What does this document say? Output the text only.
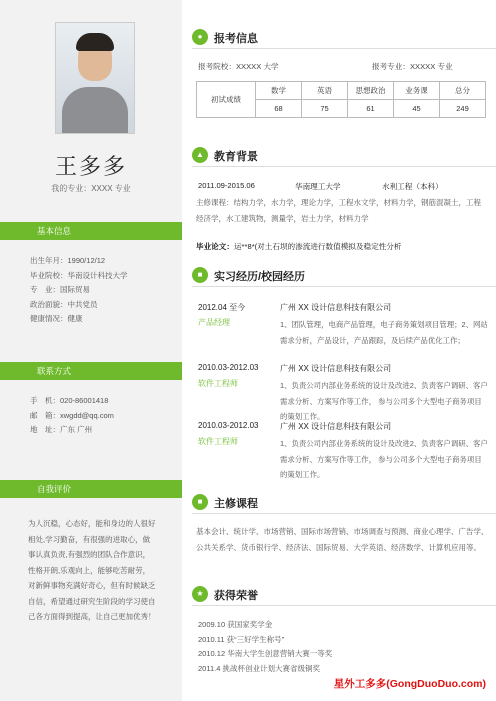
王多多
我的专业：XXXX 专业
基本信息
出生年月： 1990/12/12
毕业院校： 华南设计科技大学
专　业： 国际贸易
政治面貌： 中共党员
健康情况： 健康
联系方式
手　机： 020-86001418
邮　箱： xwgdd@qq.com
地　址： 广东 广州
自我评价
为人沉稳，心态好，能和身边的人很好相处,学习勤奋，有很强的进取心，做事认真负责,有强烈的团队合作意识，性格开朗,乐观向上，能够吃苦耐劳，对新鲜事物充满好奇心，但有时候缺乏自信，希望通过研究生阶段的学习使自己各方面得到提高，让自己更加优秀！
●	报考信息
报考院校：XXXXX 大学	报考专业：XXXXX 专业
初试成绩	数学	英语	思想政治	业务课	总分
	68	75	61	45	249
▲ 教育背景
2011.09-2015.06	华南理工大学	水利工程（本科）
主修课程：结构力学，水力学，理论力学，工程水文学，材料力学，钢筋混凝土，工程经济学，水工建筑物，测量学，岩土力学，材料力学
毕业论文：运**8*(对土石坝的渗流进行数值模拟及稳定性分析
■	实习经历/校园经历
2012.04 至今
产品经理
广州 XX 设计信息科技有限公司
1、团队管理，电商产品管理，电子商务策划项目管理；2、网站需求分析，产品设计，产品跟踪，及后续产品优化工作；
2010.03-2012.03
软件工程师
广州 XX 设计信息科技有限公司
1、负责公司内部业务系统的设计及改进2、负责客户调研、客户需求分析、方案写作等工作， 参与公司多个大型电子商务项目的策划工作。
2010.03-2012.03
软件工程师
广州 XX 设计信息科技有限公司
1、负责公司内部业务系统的设计及改进2、负责客户调研、客户需求分析、方案写作等工作， 参与公司多个大型电子商务项目的策划工作。
■	主修课程
基本会计、统计学、市场营销、国际市场营销、市场调查与预测、商业心理学、广告学、公共关系学、货币银行学、经济法、国际贸易、大学英语、经济数学、计算机应用等。
★ 获得荣誉
2009.10 获国家奖学金
2010.11 获“三好学生称号”
2010.12 华南大学生创意营销大赛一等奖
2011.4 挑战杯创业计划大赛省级铜奖
星外工多多(GongDuoDuo.com)
